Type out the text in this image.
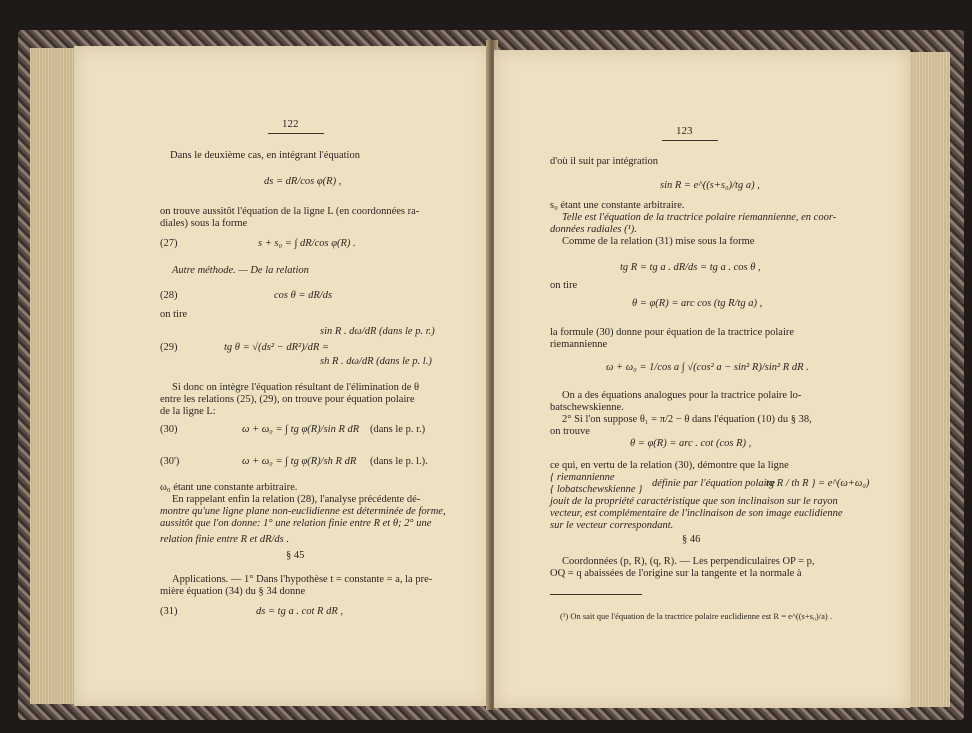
122
Dans le deuxième cas, en intégrant l'équation
ds = dR/cos φ(R) ,
on trouve aussitôt l'équation de la ligne L (en coordonnées ra-
diales) sous la forme
(27)	s + s₀ = ∫ dR/cos φ(R) .
Autre méthode. — De la relation
(28)	cos θ = dR/ds
on tire
(29)	tg θ = √(ds² − dR²)/dR =
sin R . dω/dR (dans le p. r.)
sh R . dω/dR (dans le p. l.)
Si donc on intègre l'équation résultant de l'élimination de θ
entre les relations (25), (29), on trouve pour équation polaire
de la ligne L:
(30)	ω + ω₀ = ∫ tg φ(R)/sin R dR (dans le p. r.)
(30')	ω + ω₀ = ∫ tg φ(R)/sh R dR (dans le p. l.).
ω₀ étant une constante arbitraire.
En rappelant enfin la relation (28), l'analyse précédente dé-
montre qu'une ligne plane non-euclidienne est déterminée de forme,
aussitôt que l'on donne: 1° une relation finie entre R et θ; 2° une
relation finie entre R et dR/ds .
§ 45
Applications. — 1° Dans l'hypothèse t = constante = a, la pre-
mière équation (34) du § 34 donne
(31)	ds = tg a . cot R dR ,
123
d'où il suit par intégration
sin R = e^((s+s₀)/tg a) ,
s₀ étant une constante arbitraire.
Telle est l'équation de la tractrice polaire riemannienne, en coor-
données radiales (¹).
Comme de la relation (31) mise sous la forme
tg R = tg a . dR/ds = tg a . cos θ ,
on tire
θ = φ(R) = arc cos (tg R/tg a) ,
la formule (30) donne pour équation de la tractrice polaire
riemannienne
ω + ω₀ = 1/cos a ∫ √(cos² a − sin² R)/sin² R dR .
On a des équations analogues pour la tractrice polaire lo-
batschewskienne.
2° Si l'on suppose θ₁ = π/2 − θ dans l'équation (10) du § 38,
on trouve
θ = φ(R) = arc . cot (cos R) ,
ce qui, en vertu de la relation (30), démontre que la ligne
{ riemannienne
{ lobatschewskienne }
définie par l'équation polaire
tg R / th R } = e^(ω+ω₀)
jouit de la propriété caractéristique que son inclinaison sur le rayon
vecteur, est complémentaire de l'inclinaison de son image euclidienne
sur le vecteur correspondant.
§ 46
Coordonnées (p, R), (q, R). — Les perpendiculaires OP = p,
OQ = q abaissées de l'origine sur la tangente et la normale à
(¹) On sait que l'équation de la tractrice polaire euclidienne est R = e^((s+s₀)/a) .
